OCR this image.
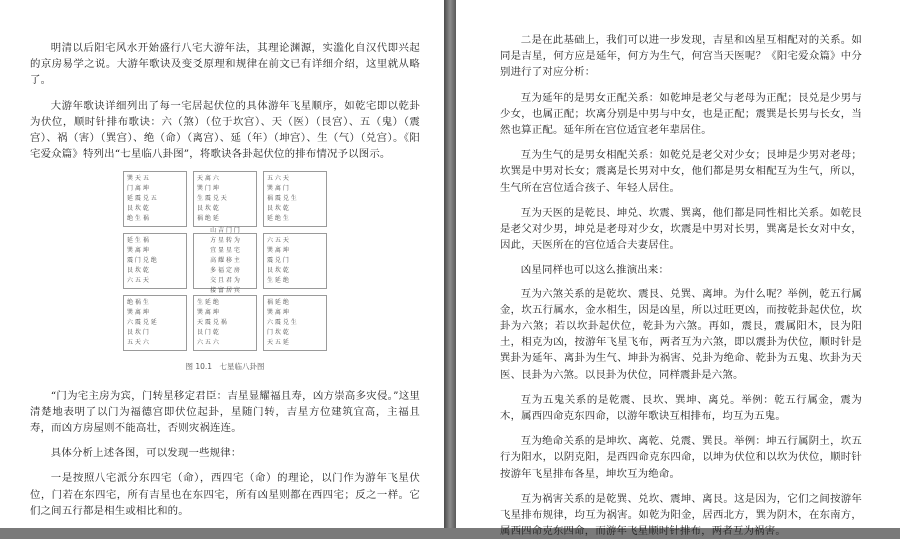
明清以后阳宅风水开始盛行八宅大游年法，其理论渊源，实滥化自汉代即兴起的京房易学之说。大游年歌诀及变爻原理和规律在前文已有详细介绍，这里就从略了。

大游年歌诀详细列出了每一宅居起伏位的具体游年飞星顺序，如乾宅即以乾卦为伏位，顺时针排布歌诀：六（煞）（位于坎宫）、天（医）（艮宫）、五（鬼）（震宫）、祸（害）（巽宫）、绝（命）（离宫）、延（年）（坤宫）、生（气）（兑宫）。《阳宅爱众篇》特列出“七星临八卦图”，将歌诀各卦起伏位的排布情况予以图示。

巽 天 五
门 离 坤
延 震 兑 五
艮 坎 乾
绝 生 祸
天 离 六
巽 门 坤
生 震 兑 天
艮 坎 乾
祸 绝 延
五 六 天
巽 离 门
祸 震 兑 生
艮 坎 乾
延 绝 生
延 生 祸
巽 离 坤
震 门 兑 绝
艮 坎 乾
六 五 天
山 吉 门 门
方 星 转 为
宜 显 星 宅
高 耀 移 主
多 福 定 房
交 且 君 为
接 富 居 宾
六 五 天
巽 离 坤
震 兑 门
艮 坎 乾
生 延 绝
绝 祸 生
巽 离 坤
六 震 兑 延
艮 坎 门
五 天 六
生 延 绝
巽 离 坤
天 震 兑 祸
艮 门 乾
六 五 六
祸 延 绝
巽 离 坤
六 震 兑 生
门 坎 乾
天 五 延
图 10.1　七星临八卦图

“门为宅主房为宾，门转星移定君臣：吉星显耀福且寿，凶方崇高多灾侵。”这里清楚地表明了以门为福德宫即伏位起卦，星随门转，吉星方位建筑宜高，主福且寿，而凶方房屋则不能高壮，否则灾祸连连。

具体分析上述各图，可以发现一些规律：

一是按照八宅派分东四宅（命），西四宅（命）的理论，以门作为游年飞星伏位，门若在东四宅，所有吉星也在东四宅，所有凶星则都在西四宅；反之一样。它们之间五行都是相生或相比和的。

二是在此基础上，我们可以进一步发现，吉星和凶星互相配对的关系。如同是吉星，何方应是延年，何方为生气，何宫当天医呢？《阳宅爱众篇》中分别进行了对应分析：

互为延年的是男女正配关系：如乾坤是老父与老母为正配；艮兑是少男与少女，也属正配；坎离分别是中男与中女，也是正配；震巽是长男与长女，当然也算正配。延年所在宫位适宜老年辈居住。

互为生气的是男女相配关系：如乾兑是老父对少女；艮坤是少男对老母；坎巽是中男对长女；震离是长男对中女，他们都是男女相配互为生气，所以，生气所在宫位适合孩子、年轻人居住。

互为天医的是乾艮、坤兑、坎震、巽离，他们都是同性相比关系。如乾艮是老父对少男，坤兑是老母对少女，坎震是中男对长男，巽离是长女对中女，因此，天医所在的宫位适合夫妻居住。

凶星同样也可以这么推演出来：

互为六煞关系的是乾坎、震艮、兑巽、离坤。为什么呢？举例，乾五行属金，坎五行属水，金水相生，因是凶星，所以过旺更凶，而按乾卦起伏位，坎卦为六煞；若以坎卦起伏位，乾卦为六煞。再如，震艮，震属阳木，艮为阳土，相克为凶，按游年飞星飞布，两者互为六煞，即以震卦为伏位，顺时针是巽卦为延年、离卦为生气、坤卦为祸害、兑卦为绝命、乾卦为五鬼、坎卦为天医、艮卦为六煞。以艮卦为伏位，同样震卦是六煞。

互为五鬼关系的是乾震、艮坎、巽坤、离兑。举例：乾五行属金，震为木，属西四命克东四命，以游年歌诀互相排布，均互为五鬼。

互为绝命关系的是坤坎、离乾、兑震、巽艮。举例：坤五行属阴土，坎五行为阳水，以阴克阳，是西四命克东四命，以坤为伏位和以坎为伏位，顺时针按游年飞星排布各星，坤坎互为绝命。

互为祸害关系的是乾巽、兑坎、震坤、离艮。这是因为，它们之间按游年飞星排布规律，均互为祸害。如乾为阳金，居西北方，巽为阴木，在东南方，属西四命克东四命，而游年飞星顺时针排布，两者互为祸害。
